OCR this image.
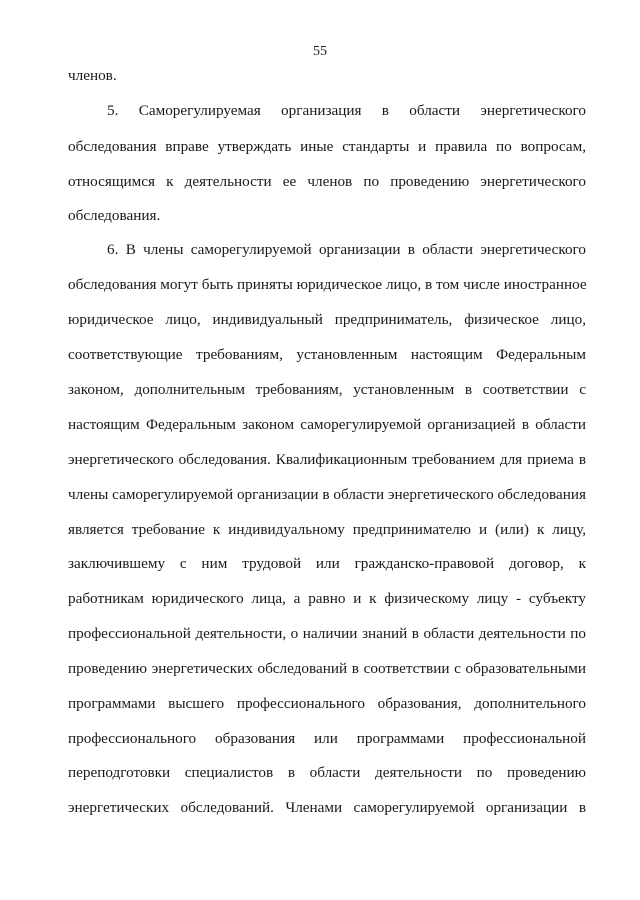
55
членов.
5. Саморегулируемая организация в области энергетического
обследования вправе утверждать иные стандарты и правила по вопросам,
относящимся к деятельности ее членов по проведению энергетического
обследования.
6. В члены саморегулируемой организации в области энергетического
обследования могут быть приняты юридическое лицо, в том числе иностранное
юридическое лицо, индивидуальный предприниматель, физическое лицо,
соответствующие требованиям, установленным настоящим Федеральным
законом, дополнительным требованиям, установленным в соответствии с
настоящим Федеральным законом саморегулируемой организацией в области
энергетического обследования. Квалификационным требованием для приема в
члены саморегулируемой организации в области энергетического обследования
является требование к индивидуальному предпринимателю и (или) к лицу,
заключившему с ним трудовой или гражданско-правовой договор, к
работникам юридического лица, а равно и к физическому лицу - субъекту
профессиональной деятельности, о наличии знаний в области деятельности по
проведению энергетических обследований в соответствии с образовательными
программами высшего профессионального образования, дополнительного
профессионального образования или программами профессиональной
переподготовки специалистов в области деятельности по проведению
энергетических обследований. Членами саморегулируемой организации в
